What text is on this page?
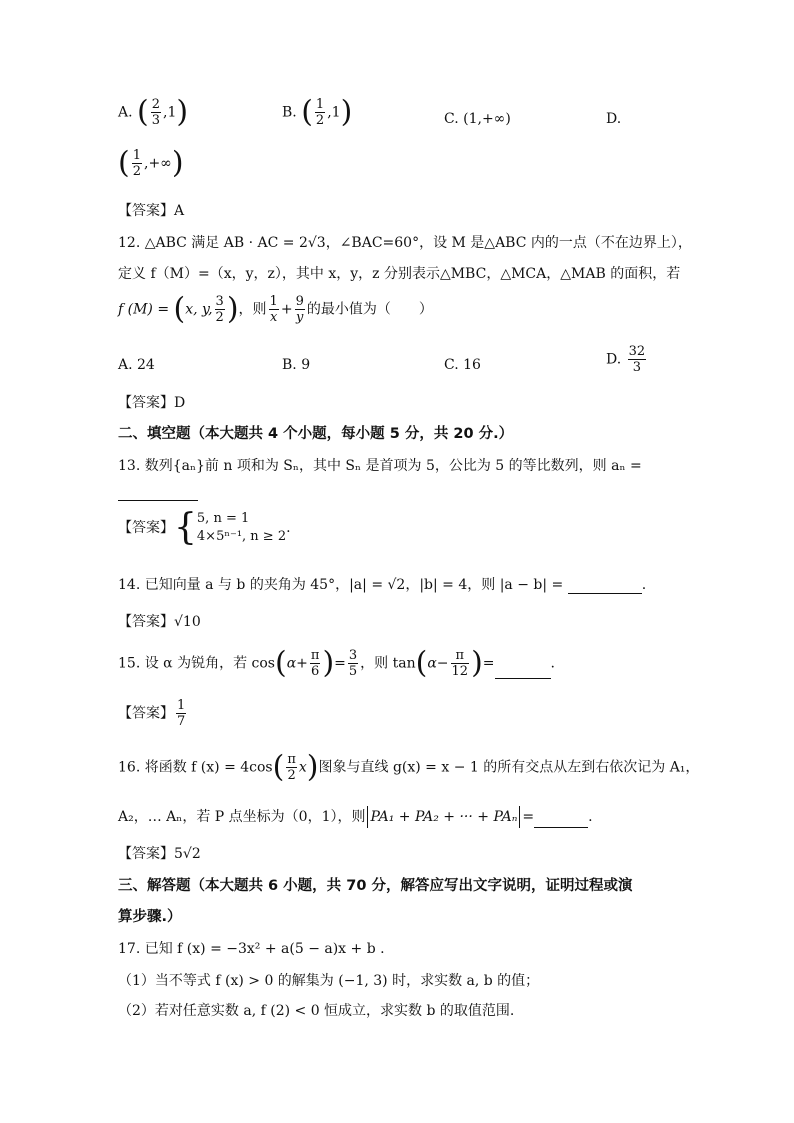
A. ( $\frac{2}{3} ,1$)	B. ( $\frac{1}{2} ,1$)	C. (1,+∞)	D.
( $\frac{1}{2}$ ,+∞)
【答案】A
12. △ABC 满足 AB · AC = 2√3，∠BAC=60°，设 M 是△ABC 内的一点（不在边界上），
定义 f（M）=（x，y，z），其中 x，y，z 分别表示△MBC，△MCA，△MAB 的面积，若
f (M) = (x, y, $\frac{3}{2}$ )，则 $\frac{1}{x} + \frac{9}{y}$ 的最小值为（　　）
A. 24	B. 9	C. 16	D. $\frac{32}{3}$
【答案】D
二、填空题（本大题共 4 个小题，每小题 5 分，共 20 分.）
13. 数列{aₙ}前 n 项和为 Sₙ，其中 Sₙ 是首项为 5，公比为 5 的等比数列，则 aₙ =
【答案】{ 5, n = 1
4×5ⁿ⁻¹, n ≥ 2
.
14. 已知向量 a 与 b 的夹角为 45°，|a| = √2，|b| = 4，则 |a − b| =	.
【答案】√10
15. 设 α 为锐角，若 $\cos(\alpha+ \frac{\pi}{6}$ )= $\frac{3}{5}$ ，则 $\tan(\alpha- \frac{\pi}{12}$ )=	.
【答案】 $\frac{1}{7}$
16. 将函数 f $(x) = 4\cos( \frac{\pi}{2} x)$图象与直线 g(x) = x − 1 的所有交点从左到右依次记为 A₁，
A₂，… Aₙ，若 P 点坐标为（0，1），则 PA₁ + PA₂ + ··· + PAₙ =	.
【答案】5√2
三、解答题（本大题共 6 小题，共 70 分，解答应写出文字说明，证明过程或演
算步骤.）
17. 已知 f (x) = −3x² + a(5 − a)x + b .
（1）当不等式 f (x) > 0 的解集为 (−1, 3) 时，求实数 a, b 的值；
（2）若对任意实数 a, f (2) < 0 恒成立，求实数 b 的取值范围.
